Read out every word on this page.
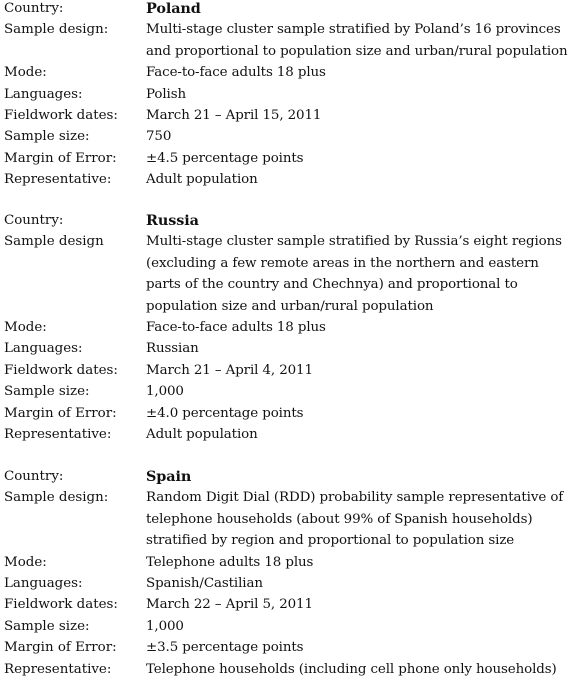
Country:	Poland
Sample design:	Multi-stage cluster sample stratified by Poland’s 16 provinces and proportional to population size and urban/rural population
Mode:	Face-to-face adults 18 plus
Languages:	Polish
Fieldwork dates:	March 21 – April 15, 2011
Sample size:	750
Margin of Error:	±4.5 percentage points
Representative:	Adult population
Country:	Russia
Sample design	Multi-stage cluster sample stratified by Russia’s eight regions (excluding a few remote areas in the northern and eastern parts of the country and Chechnya) and proportional to population size and urban/rural population
Mode:	Face-to-face adults 18 plus
Languages:	Russian
Fieldwork dates:	March 21 – April 4, 2011
Sample size:	1,000
Margin of Error:	±4.0 percentage points
Representative:	Adult population
Country:	Spain
Sample design:	Random Digit Dial (RDD) probability sample representative of telephone households (about 99% of Spanish households) stratified by region and proportional to population size
Mode:	Telephone adults 18 plus
Languages:	Spanish/Castilian
Fieldwork dates:	March 22 – April 5, 2011
Sample size:	1,000
Margin of Error:	±3.5 percentage points
Representative:	Telephone households (including cell phone only households)
